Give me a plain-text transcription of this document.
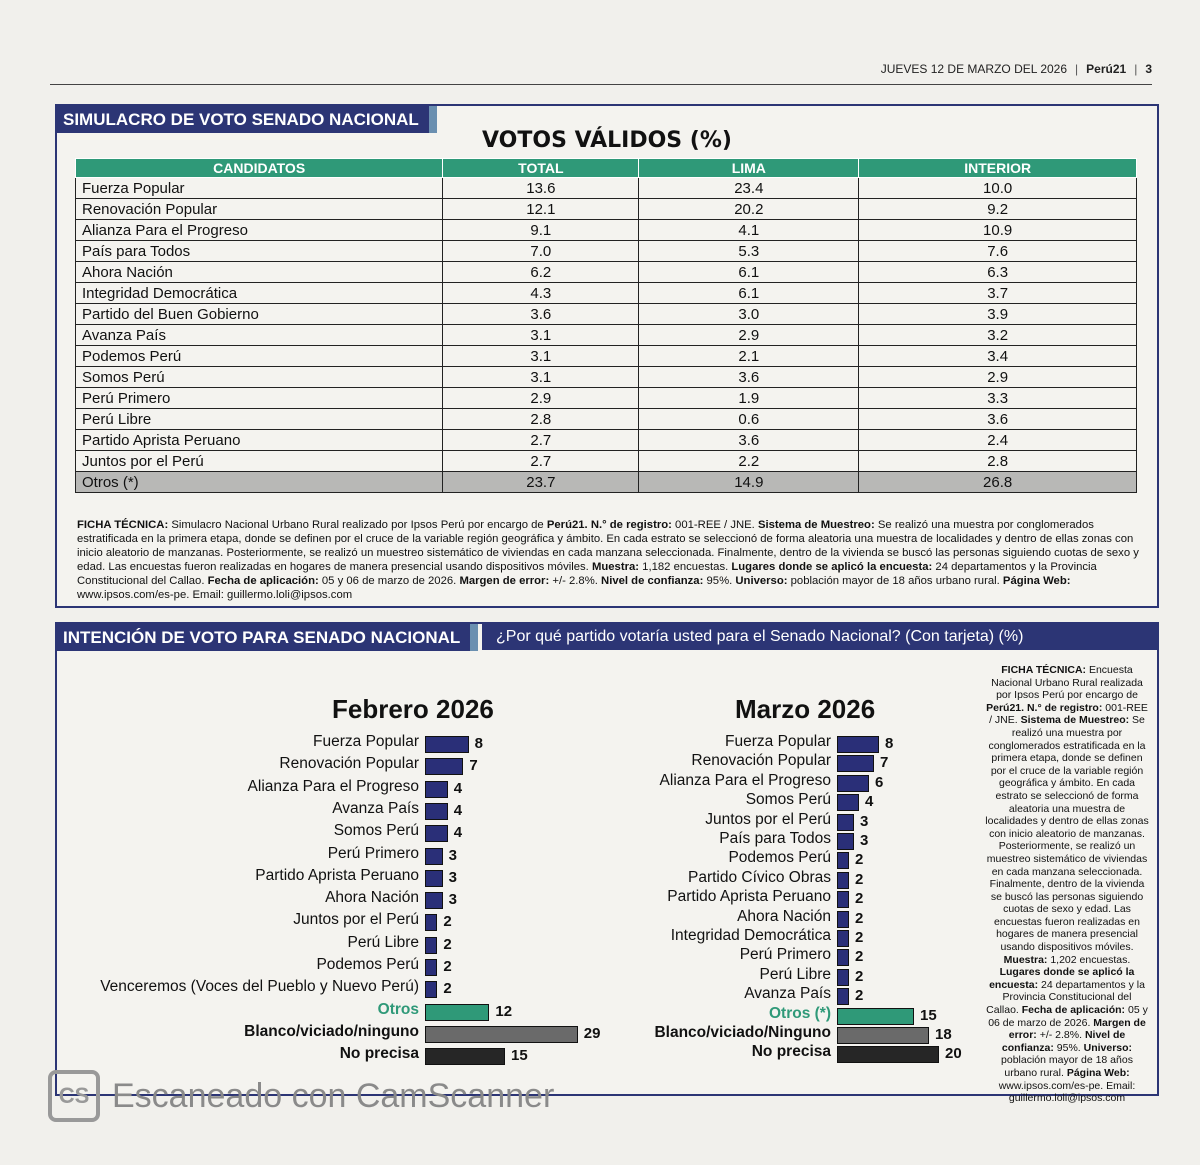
JUEVES 12 DE MARZO DEL 2026 | Perú21 | 3
SIMULACRO DE VOTO SENADO NACIONAL
VOTOS VÁLIDOS (%)
CANDIDATOS	TOTAL	LIMA	INTERIOR
Fuerza Popular	13.6	23.4	10.0
Renovación Popular	12.1	20.2	9.2
Alianza Para el Progreso	9.1	4.1	10.9
País para Todos	7.0	5.3	7.6
Ahora Nación	6.2	6.1	6.3
Integridad Democrática	4.3	6.1	3.7
Partido del Buen Gobierno	3.6	3.0	3.9
Avanza País	3.1	2.9	3.2
Podemos Perú	3.1	2.1	3.4
Somos Perú	3.1	3.6	2.9
Perú Primero	2.9	1.9	3.3
Perú Libre	2.8	0.6	3.6
Partido Aprista Peruano	2.7	3.6	2.4
Juntos por el Perú	2.7	2.2	2.8
Otros (*)	23.7	14.9	26.8
FICHA TÉCNICA: Simulacro Nacional Urbano Rural realizado por Ipsos Perú por encargo de Perú21. N.° de registro: 001-REE / JNE. Sistema de Muestreo: Se realizó una muestra por conglomerados estratificada en la primera etapa, donde se definen por el cruce de la variable región geográfica y ámbito. En cada estrato se seleccionó de forma aleatoria una muestra de localidades y dentro de ellas zonas con inicio aleatorio de manzanas. Posteriormente, se realizó un muestreo sistemático de viviendas en cada manzana seleccionada. Finalmente, dentro de la vivienda se buscó las personas siguiendo cuotas de sexo y edad. Las encuestas fueron realizadas en hogares de manera presencial usando dispositivos móviles. Muestra: 1,182 encuestas. Lugares donde se aplicó la encuesta: 24 departamentos y la Provincia Constitucional del Callao. Fecha de aplicación: 05 y 06 de marzo de 2026. Margen de error: +/- 2.8%. Nivel de confianza: 95%. Universo: población mayor de 18 años urbano rural. Página Web: www.ipsos.com/es-pe. Email: guillermo.loli@ipsos.com
¿Por qué partido votaría usted para el Senado Nacional? (Con tarjeta) (%)
INTENCIÓN DE VOTO PARA SENADO NACIONAL
Febrero 2026
Fuerza Popular	8
Renovación Popular	7
Alianza Para el Progreso 4
Avanza País 4
Somos Perú 4
Perú Primero 3
Partido Aprista Peruano 3
Ahora Nación 3
Juntos por el Perú 2
Perú Libre 2
Podemos Perú 2
Venceremos (Voces del Pueblo y Nuevo Perú) 2
Otros	12
Blanco/viciado/ninguno	29
No precisa	15
Marzo 2026
Fuerza Popular	8
Renovación Popular	7
Alianza Para el Progreso	6
Somos Perú 4
Juntos por el Perú 3
País para Todos 3
Podemos Perú 2
Partido Cívico Obras 2
Partido Aprista Peruano 2
Ahora Nación 2
Integridad Democrática 2
Perú Primero 2
Perú Libre 2
Avanza País 2
Otros (*)	15
Blanco/viciado/Ninguno	18
No precisa	20
FICHA TÉCNICA: Encuesta Nacional Urbano Rural realizada por Ipsos Perú por encargo de Perú21. N.° de registro: 001-REE / JNE. Sistema de Muestreo: Se realizó una muestra por conglomerados estratificada en la primera etapa, donde se definen por el cruce de la variable región geográfica y ámbito. En cada estrato se seleccionó de forma aleatoria una muestra de localidades y dentro de ellas zonas con inicio aleatorio de manzanas. Posteriormente, se realizó un muestreo sistemático de viviendas en cada manzana seleccionada. Finalmente, dentro de la vivienda se buscó las personas siguiendo cuotas de sexo y edad. Las encuestas fueron realizadas en hogares de manera presencial usando dispositivos móviles. Muestra: 1,202 encuestas. Lugares donde se aplicó la encuesta: 24 departamentos y la Provincia Constitucional del Callao. Fecha de aplicación: 05 y 06 de marzo de 2026. Margen de error: +/- 2.8%. Nivel de confianza: 95%. Universo: población mayor de 18 años urbano rural. Página Web: www.ipsos.com/es-pe. Email: guillermo.loli@ipsos.com
CS Escaneado con CamScanner
